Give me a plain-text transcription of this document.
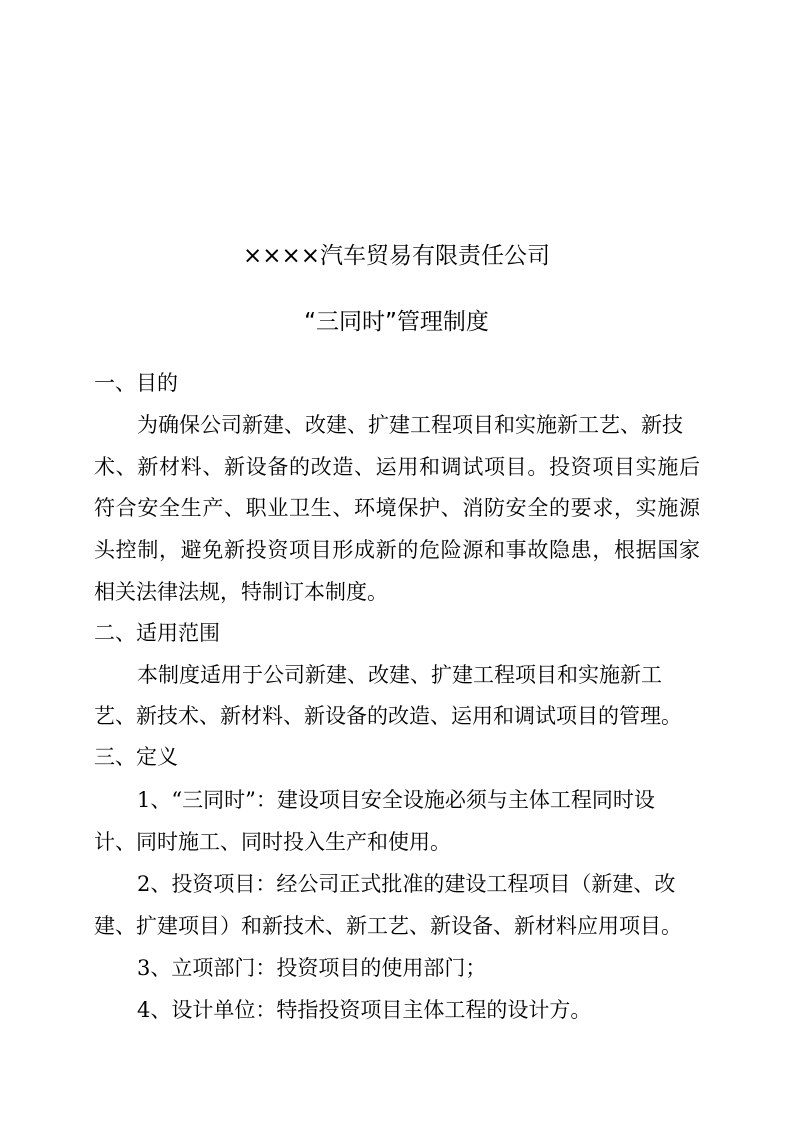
××××汽车贸易有限责任公司
“三同时”管理制度
一、目的
为确保公司新建、改建、扩建工程项目和实施新工艺、新技
术、新材料、新设备的改造、运用和调试项目。投资项目实施后
符合安全生产、职业卫生、环境保护、消防安全的要求，实施源
头控制，避免新投资项目形成新的危险源和事故隐患，根据国家
相关法律法规，特制订本制度。
二、适用范围
本制度适用于公司新建、改建、扩建工程项目和实施新工
艺、新技术、新材料、新设备的改造、运用和调试项目的管理。
三、定义
1、“三同时”：建设项目安全设施必须与主体工程同时设
计、同时施工、同时投入生产和使用。
2、投资项目：经公司正式批准的建设工程项目（新建、改
建、扩建项目）和新技术、新工艺、新设备、新材料应用项目。
3、立项部门：投资项目的使用部门；
4、设计单位：特指投资项目主体工程的设计方。
